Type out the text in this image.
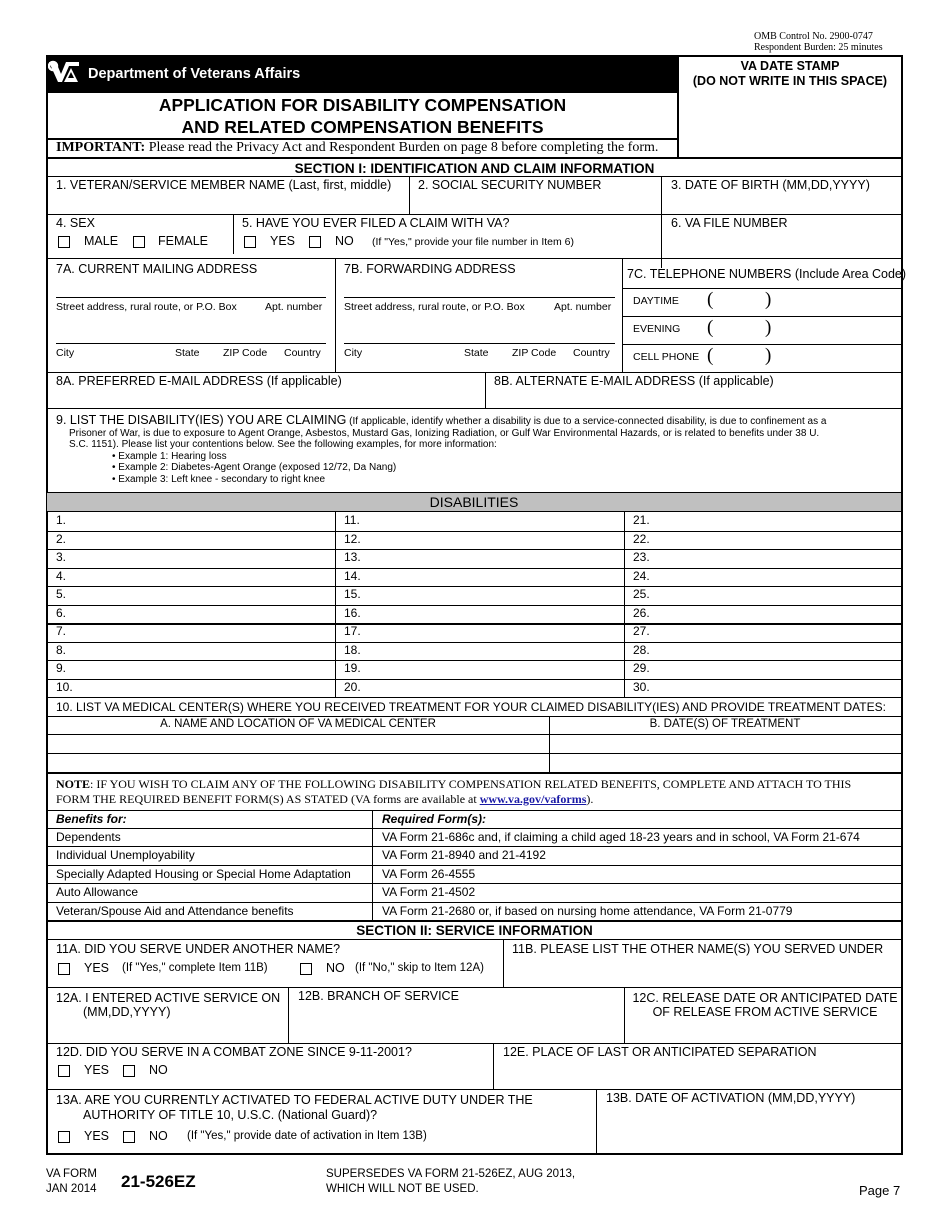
OMB Control No. 2900-0747
Respondent Burden: 25 minutes
Department of Veterans Affairs	VA DATE STAMP
(DO NOT WRITE IN THIS SPACE)
APPLICATION FOR DISABILITY COMPENSATION
AND RELATED COMPENSATION BENEFITS
IMPORTANT: Please read the Privacy Act and Respondent Burden on page 8 before completing the form.
SECTION I: IDENTIFICATION AND CLAIM INFORMATION
1. VETERAN/SERVICE MEMBER NAME (Last, first, middle) 2. SOCIAL SECURITY NUMBER	3. DATE OF BIRTH (MM,DD,YYYY)
4. SEX
MALE	FEMALE
5. HAVE YOU EVER FILED A CLAIM WITH VA?
YES	NO (If "Yes," provide your file number in Item 6)
6. VA FILE NUMBER
7A. CURRENT MAILING ADDRESS	7B. FORWARDING ADDRESS	7C. TELEPHONE NUMBERS (Include Area Code)
Street address, rural route, or P.O. Box	Apt. number
City	State ZIP Code Country
Street address, rural route, or P.O. Box	Apt. number
City	State ZIP Code Country
DAYTIME (	)
EVENING (	)
CELL PHONE (	)
8A. PREFERRED E-MAIL ADDRESS (If applicable)	8B. ALTERNATE E-MAIL ADDRESS (If applicable)
9. LIST THE DISABILITY(IES) YOU ARE CLAIMING (If applicable, identify whether a disability is due to a service-connected disability, is due to confinement as a
Prisoner of War, is due to exposure to Agent Orange, Asbestos, Mustard Gas, Ionizing Radiation, or Gulf War Environmental Hazards, or is related to benefits under 38 U.
S.C. 1151). Please list your contentions below. See the following examples, for more information:
• Example 1: Hearing loss
• Example 2: Diabetes-Agent Orange (exposed 12/72, Da Nang)
• Example 3: Left knee - secondary to right knee
DISABILITIES
1.	11.	21.
2.	12.	22.
3.	13.	23.
4.	14.	24.
5.	15.	25.
6.	16.	26.
7.	17.	27.
8.	18.	28.
9.	19.	29.
10.	20.	30.
10. LIST VA MEDICAL CENTER(S) WHERE YOU RECEIVED TREATMENT FOR YOUR CLAIMED DISABILITY(IES) AND PROVIDE TREATMENT DATES:
A. NAME AND LOCATION OF VA MEDICAL CENTER	B. DATE(S) OF TREATMENT
NOTE: IF YOU WISH TO CLAIM ANY OF THE FOLLOWING DISABILITY COMPENSATION RELATED BENEFITS, COMPLETE AND ATTACH TO THIS
FORM THE REQUIRED BENEFIT FORM(S) AS STATED (VA forms are available at www.va.gov/vaforms).
Benefits for:	Required Form(s):
Dependents	VA Form 21-686c and, if claiming a child aged 18-23 years and in school, VA Form 21-674
Individual Unemployability	VA Form 21-8940 and 21-4192
Specially Adapted Housing or Special Home Adaptation	VA Form 26-4555
Auto Allowance	VA Form 21-4502
Veteran/Spouse Aid and Attendance benefits	VA Form 21-2680 or, if based on nursing home attendance, VA Form 21-0779
SECTION II: SERVICE INFORMATION
11A. DID YOU SERVE UNDER ANOTHER NAME?
YES (If "Yes," complete Item 11B)	NO (If "No," skip to Item 12A)
11B. PLEASE LIST THE OTHER NAME(S) YOU SERVED UNDER
12A. I ENTERED ACTIVE SERVICE ON
(MM,DD,YYYY)
12B. BRANCH OF SERVICE	12C. RELEASE DATE OR ANTICIPATED DATE
OF RELEASE FROM ACTIVE SERVICE
12D. DID YOU SERVE IN A COMBAT ZONE SINCE 9-11-2001?
YES	NO
12E. PLACE OF LAST OR ANTICIPATED SEPARATION
13A. ARE YOU CURRENTLY ACTIVATED TO FEDERAL ACTIVE DUTY UNDER THE
AUTHORITY OF TITLE 10, U.S.C. (National Guard)?
YES	NO (If "Yes," provide date of activation in Item 13B)
13B. DATE OF ACTIVATION (MM,DD,YYYY)
VA FORM
JAN 2014 21-526EZ	SUPERSEDES VA FORM 21-526EZ, AUG 2013,
WHICH WILL NOT BE USED.	Page 7
